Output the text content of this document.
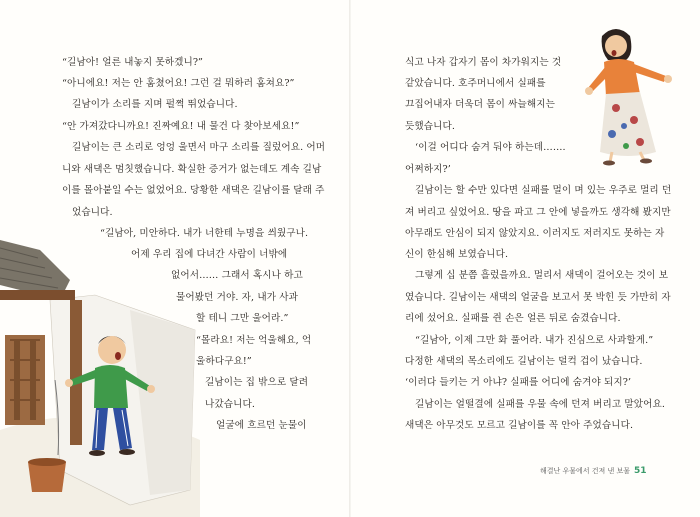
“길남아! 얼른 내놓지 못하겠니?”

“아니에요! 저는 안 훔쳤어요! 그런 걸 뭐하러 훔쳐요?”

길남이가 소리를 지며 펄쩍 뛰었습니다.

“안 가져갔다니까요! 진짜예요! 내 물건 다 찾아보세요!”

길남이는 큰 소리로 엉엉 울면서 마구 소리를 질렀어요. 어머

니와 새댁은 멈칫했습니다. 확실한 증거가 없는데도 계속 길남

이를 몰아붙일 수는 없었어요. 당황한 새댁은 길남이를 달래 주

었습니다.

“길남아, 미안하다. 내가 너한테 누명을 씌웠구나.

어제 우리 집에 다녀간 사람이 너밖에

없어서…… 그래서 혹시나 하고

물어봤던 거야. 자, 내가 사과

할 테니 그만 울어라.”

“몰라요! 저는 억울해요, 억

울하다구요!”

길남이는 집 밖으로 달려

나갔습니다.

얼굴에 흐르던 눈물이

식고 나자 갑자기 몸이 차가워지는 것

같았습니다. 호주머니에서 실패를

끄집어내자 더욱더 몸이 싸늘해지는

듯했습니다.

‘이걸 어디다 숨겨 둬야 하는데…….

어쩌하지?’

길남이는 할 수만 있다면 실패를 멀이 며 있는 우주로 멀리 던

져 버리고 싶었어요. 땅을 파고 그 안에 넣을까도 생각해 봤지만

아무래도 안심이 되지 않았지요. 이러지도 저러지도 못하는 자

신이 한심해 보였습니다.

그렇게 십 분쯤 흘렀을까요. 멀리서 새댁이 걸어오는 것이 보

였습니다. 길남이는 새댁의 얼굴을 보고서 못 박힌 듯 가만히 자

리에 섰어요. 실패를 쥔 손은 얼른 뒤로 숨겼습니다.

“길남아, 이제 그만 화 풀어라. 내가 진심으로 사과할게.”

다정한 새댁의 목소리에도 길남이는 덜컥 겁이 났습니다.

‘이러다 들키는 거 아냐? 실패를 어디에 숨겨야 되지?’

길남이는 얼떨결에 실패를 우물 속에 던져 버리고 말았어요.

새댁은 아무것도 모르고 길남이를 꼭 안아 주었습니다.

해결난 우물에서 건져 낸 보물 51
